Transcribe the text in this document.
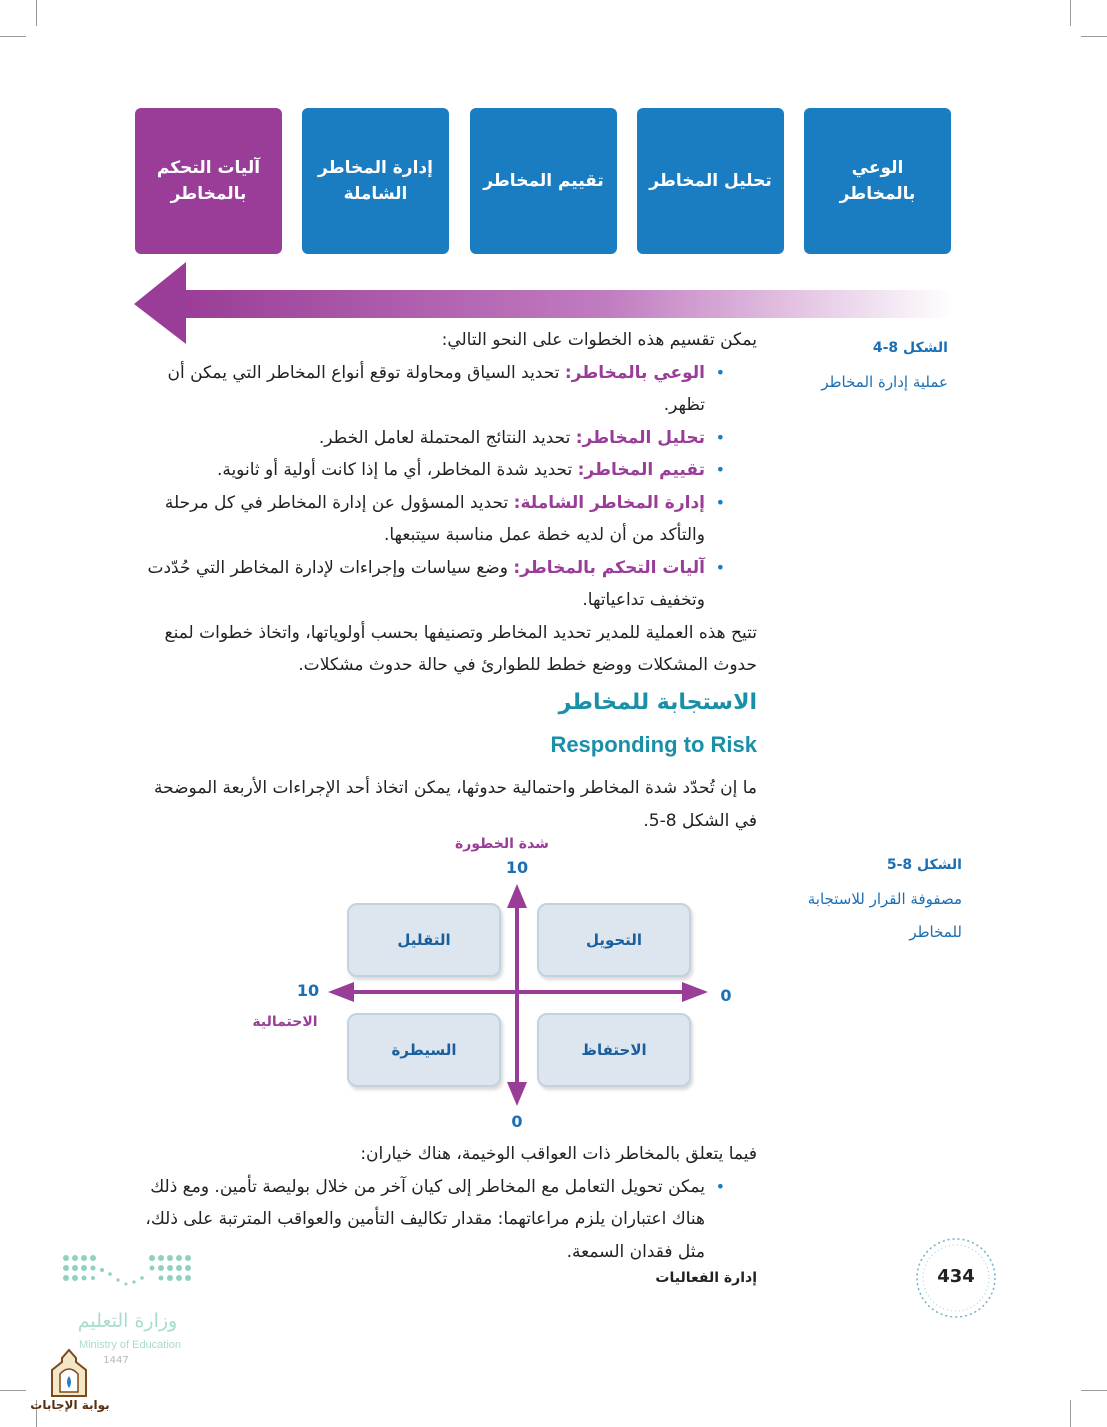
الوعي بالمخاطر
تحليل المخاطر
تقييم المخاطر
إدارة المخاطر الشاملة
آليات التحكم بالمخاطر
الشكل 8-4
عملية إدارة المخاطر
يمكن تقسيم هذه الخطوات على النحو التالي:
• الوعي بالمخاطر: تحديد السياق ومحاولة توقع أنواع المخاطر التي يمكن أن تظهر.
• تحليل المخاطر: تحديد النتائج المحتملة لعامل الخطر.
• تقييم المخاطر: تحديد شدة المخاطر، أي ما إذا كانت أولية أو ثانوية.
• إدارة المخاطر الشاملة: تحديد المسؤول عن إدارة المخاطر في كل مرحلة والتأكد من أن لديه خطة عمل مناسبة سيتبعها.
• آليات التحكم بالمخاطر: وضع سياسات وإجراءات لإدارة المخاطر التي حُدّدت وتخفيف تداعياتها.
تتيح هذه العملية للمدير تحديد المخاطر وتصنيفها بحسب أولوياتها، واتخاذ خطوات لمنع حدوث المشكلات ووضع خطط للطوارئ في حالة حدوث مشكلات.
الاستجابة للمخاطر
Responding to Risk
ما إن تُحدّد شدة المخاطر واحتمالية حدوثها، يمكن اتخاذ أحد الإجراءات الأربعة الموضحة في الشكل 8-5.
الشكل 8-5
مصفوفة القرار للاستجابة
للمخاطر
شدة الخطورة
10
0
10	0
الاحتمالية
التقليل	التحويل
السيطرة	الاحتفاظ
فيما يتعلق بالمخاطر ذات العواقب الوخيمة، هناك خياران:
• يمكن تحويل التعامل مع المخاطر إلى كيان آخر من خلال بوليصة تأمين. ومع ذلك هناك اعتباران يلزم مراعاتهما: مقدار تكاليف التأمين والعواقب المترتبة على ذلك، مثل فقدان السمعة.
إدارة الفعاليات	434
وزارة التعليم
Ministry of Education
1447
بوابة الإجابات
